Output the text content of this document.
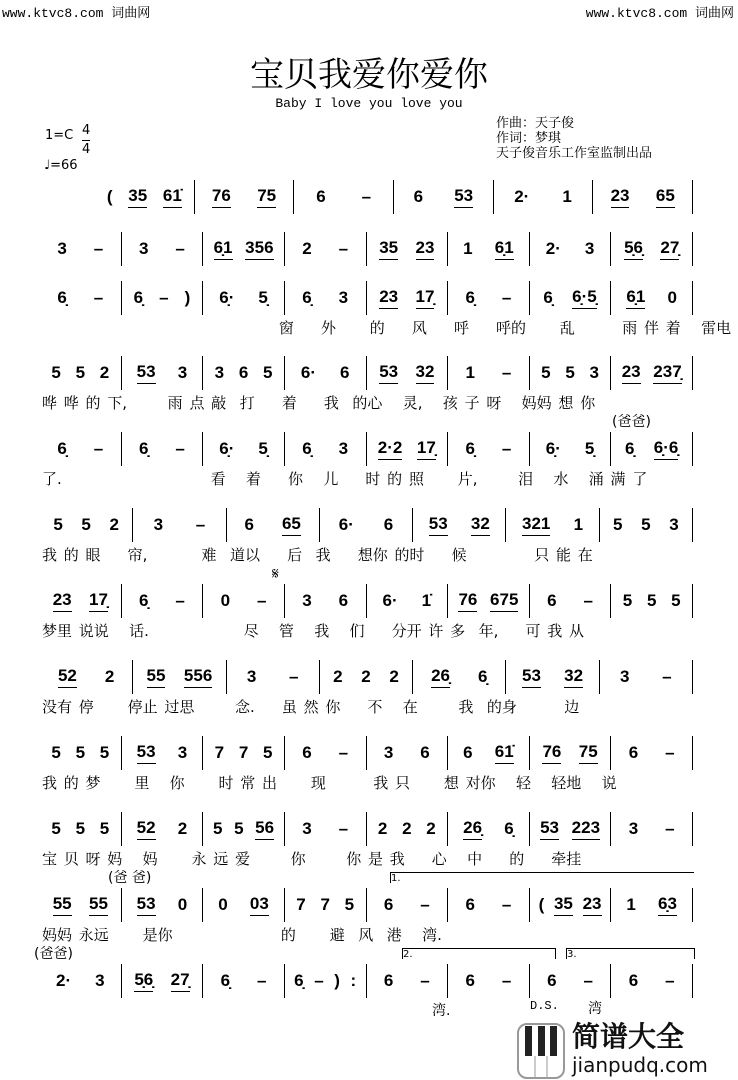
www.ktvc8.com 词曲网	www.ktvc8.com 词曲网
宝贝我爱你爱你
Baby I love you love you
作曲：天子俊
作词：梦琪
天子俊音乐工作室监制出品
1=C 4
4
♩=66
( 35 61̇ 76 75 6 –	6 53 2· 1 23 65
3 – 3 – 6̣1 356 2 – 35 23 1 6̣1 2· 3 5̣6̣ 27̣
6̣ – 6̣ – ) 6̣· 5̣ 6̣ 3 23 17̣ 6̣ – 6̣ 6̣·5̣ 6̣1 0
窗    外     的    风    呼    呼的     乱       雨 伴 着   雷电
5 5 2 53 3 3 6 5 6· 6 53 32 1 – 5 5 3 23 237̣
哗 哗 的 下,      雨 点 敲  打    着    我  的心   灵,   孩 子 呀   妈妈 想 你
6̣ – 6̣ – 6̣· 5̣ 6̣ 3 2·2 17̣ 6̣ – 6̣· 5̣ 6̣ 6̣·6̣
了.                      看   着    你   儿    时 的 照     片,      泪   水   涌 满 了
5 5 2 3 – 6 65 6· 6 53 32 321 1 5 5 3
我 的 眼    帘,        难  道以    后  我    想你 的时    候          只 能 在
23 17̣ 6̣ – 0 – 3 6 6· 1̇ 76 675 6 – 5 5 5
梦里 说说   话.              尽   管   我   们    分开 许 多  年,    可 我 从
52 2 55 556 3 – 2 2 2 26̣ 6̣ 53 32 3 –
没有 停     停止 过思      念.    虽 然 你    不   在      我  的身       边
5 5 5 53 3 7 7 5 6 – 3 6 6 61̇ 76 75 6 –
我 的 梦     里   你     时 常 出     现       我 只     想 对你   轻   轻地   说
5 5 5 52 2 5 5 56 3 – 2 2 2 26̣ 6̣ 53 223 3 –
宝 贝 呀 妈   妈     永 远 爱      你      你 是 我    心   中    的    牵挂
55 55 53 0 0 03 7 7 5 6 – 6 – ( 35 23 1 6̣3
妈妈 永远     是你                的     避  风  港   湾.
2· 3 5̣6̣ 27̣ 6̣ – 6̣ – ) : 6 – 6 – 6 – 6 –
(爸爸)
𝄋
(爸 爸)
(爸爸)
1.
2.	3.
湾.	D.S. 湾
简谱大全
jianpudq.com
